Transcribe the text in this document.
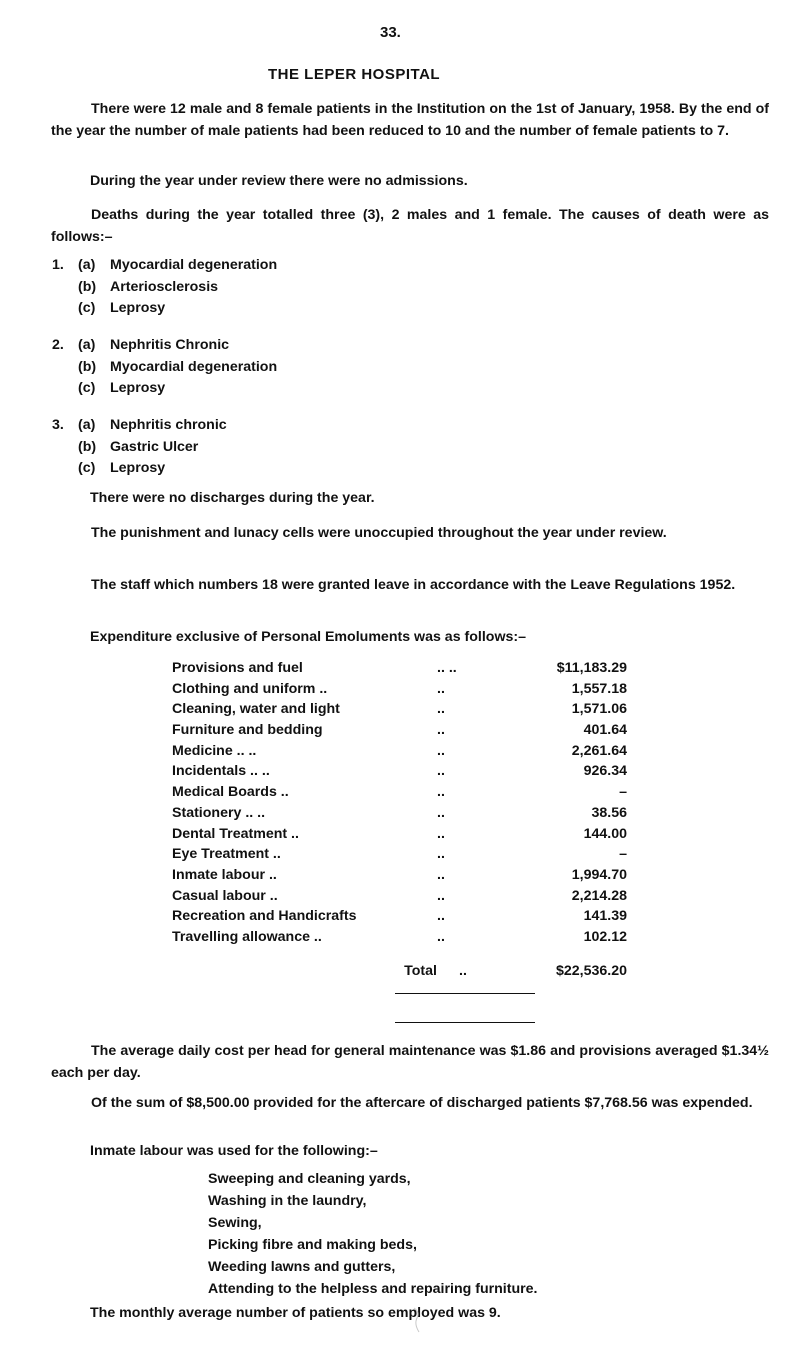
33.
THE LEPER HOSPITAL
There were 12 male and 8 female patients in the Institution on the 1st of January, 1958. By the end of the year the number of male patients had been reduced to 10 and the number of female patients to 7.
During the year under review there were no admissions.
Deaths during the year totalled three (3), 2 males and 1 female. The causes of death were as follows:–
1. (a)	Myocardial degeneration
(b) Arteriosclerosis
(c)	Leprosy
2. (a)	Nephritis Chronic
(b) Myocardial degeneration
(c)	Leprosy
3. (a)	Nephritis chronic
(b) Gastric Ulcer
(c)	Leprosy
There were no discharges during the year.
The punishment and lunacy cells were unoccupied throughout the year under review.
The staff which numbers 18 were granted leave in accordance with the Leave Regulations 1952.
Expenditure exclusive of Personal Emoluments was as follows:–
Provisions and fuel	.. ..	$11,183.29
Clothing and uniform ..	..	1,557.18
Cleaning, water and light	..	1,571.06
Furniture and bedding	..	401.64
Medicine .. ..	..	2,261.64
Incidentals .. ..	..	926.34
Medical Boards ..	..	–
Stationery .. ..	..	38.56
Dental Treatment ..	..	144.00
Eye Treatment ..	..	–
Inmate labour ..	..	1,994.70
Casual labour ..	..	2,214.28
Recreation and Handicrafts	..	141.39
Travelling allowance ..	..	102.12
Total	..	$22,536.20
The average daily cost per head for general maintenance was $1.86 and provisions averaged $1.34½ each per day.
Of the sum of $8,500.00 provided for the aftercare of discharged patients $7,768.56 was expended.
Inmate labour was used for the following:–
Sweeping and cleaning yards,
Washing in the laundry,
Sewing,
Picking fibre and making beds,
Weeding lawns and gutters,
Attending to the helpless and repairing furniture.
The monthly average number of patients so employed was 9.
